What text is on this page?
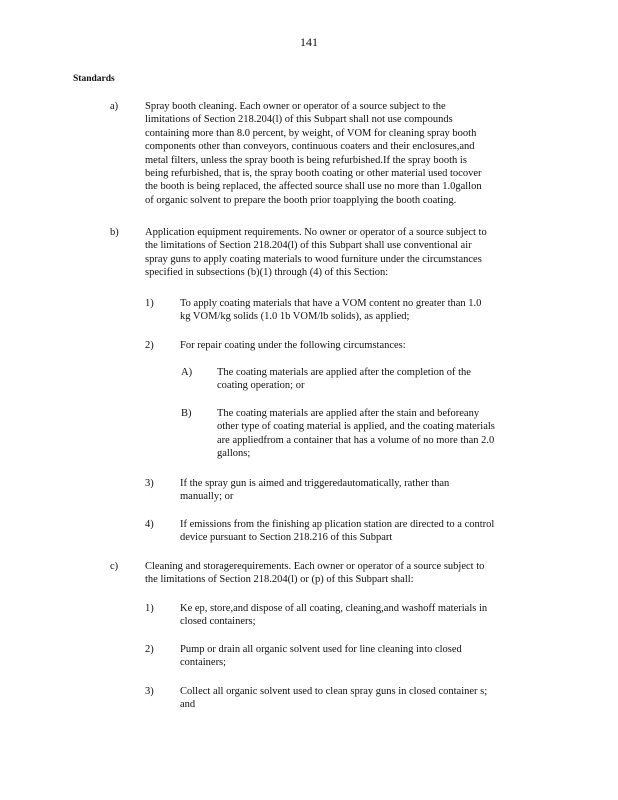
141
Standards
a)	Spray booth cleaning. Each owner or operator of a source subject to the
limitations of Section 218.204(l) of this Subpart shall not use compounds
containing more than 8.0 percent, by weight, of VOM for cleaning spray booth
components other than conveyors, continuous coaters and their enclosures,and
metal filters, unless the spray booth is being refurbished.If the spray booth is
being refurbished, that is, the spray booth coating or other material used tocover
the booth is being replaced, the affected source shall use no more than 1.0gallon
of organic solvent to prepare the booth prior toapplying the booth coating.
b)	Application equipment requirements. No owner or operator of a source subject to
the limitations of Section 218.204(l) of this Subpart shall use conventional air
spray guns to apply coating materials to wood furniture under the circumstances
specified in subsections (b)(1) through (4) of this Section:
1)	To apply coating materials that have a VOM content no greater than 1.0
kg VOM/kg solids (1.0 1b VOM/lb solids), as applied;
2)	For repair coating under the following circumstances:
A) The coating materials are applied after the completion of the
coating operation; or
B) The coating materials are applied after the stain and beforeany
other type of coating material is applied, and the coating materials
are appliedfrom a container that has a volume of no more than 2.0
gallons;
3)	If the spray gun is aimed and triggeredautomatically, rather than
manually; or
4)	If emissions from the finishing ap plication station are directed to a control
device pursuant to Section 218.216 of this Subpart
c)	Cleaning and storagerequirements. Each owner or operator of a source subject to
the limitations of Section 218.204(l) or (p) of this Subpart shall:
1)	Ke ep, store,and dispose of all coating, cleaning,and washoff materials in
closed containers;
2)	Pump or drain all organic solvent used for line cleaning into closed
containers;
3)	Collect all organic solvent used to clean spray guns in closed container s;
and
